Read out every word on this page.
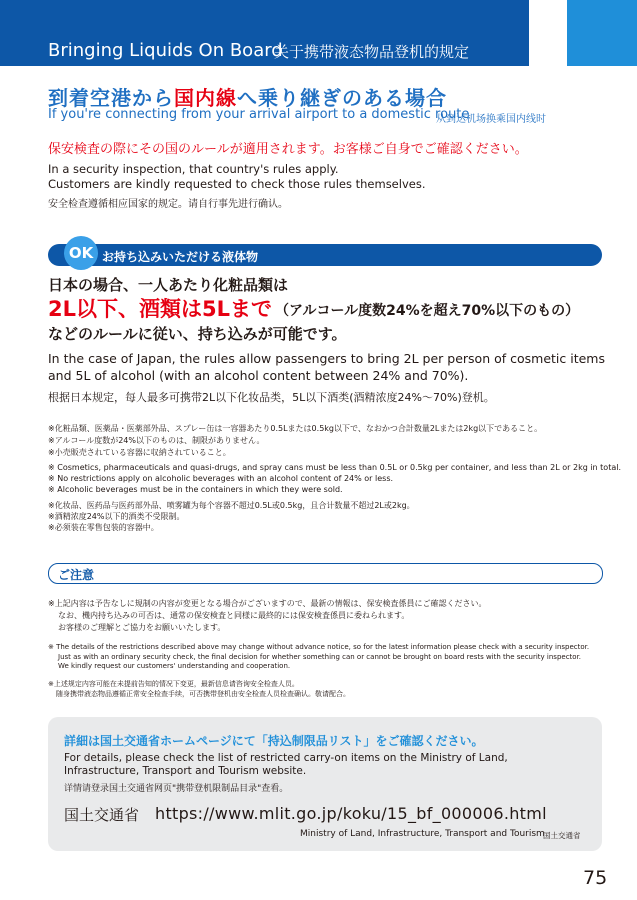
Bringing Liquids On Board
关于携带液态物品登机的规定
到着空港から国内線へ乗り継ぎのある場合
If you're connecting from your arrival airport to a domestic route
从到达机场换乘国内线时
保安検査の際にその国のルールが適用されます。お客様ご自身でご確認ください。
In a security inspection, that country's rules apply.
Customers are kindly requested to check those rules themselves.
安全检查遵循相应国家的规定。请自行事先进行确认。
OK お持ち込みいただける液体物
日本の場合、一人あたり化粧品類は
2L以下、酒類は5Lまで （アルコール度数24%を超え70%以下のもの）
などのルールに従い、持ち込みが可能です。
In the case of Japan, the rules allow passengers to bring 2L per person of cosmetic items and 5L of alcohol (with an alcohol content between 24% and 70%).
根据日本规定，每人最多可携带2L以下化妆品类，5L以下酒类(酒精浓度24%～70%)登机。
※化粧品類、医薬品・医薬部外品、スプレー缶は一容器あたり0.5Lまたは0.5kg以下で、なおかつ合計数量2Lまたは2kg以下であること。
※アルコール度数が24%以下のものは、制限がありません。
※小売販売されている容器に収納されていること。
※ Cosmetics, pharmaceuticals and quasi-drugs, and spray cans must be less than 0.5L or 0.5kg per container, and less than 2L or 2kg in total.
※ No restrictions apply on alcoholic beverages with an alcohol content of 24% or less.
※ Alcoholic beverages must be in the containers in which they were sold.
※化妆品、医药品与医药部外品、喷雾罐为每个容器不超过0.5L或0.5kg，且合计数量不超过2L或2kg。
※酒精浓度24%以下的酒类不受限制。
※必须装在零售包装的容器中。
ご注意
※上記内容は予告なしに規制の内容が変更となる場合がございますので、最新の情報は、保安検査係員にご確認ください。
なお、機内持ち込みの可否は、通常の保安検査と同様に最終的には保安検査係員に委ねられます。
お客様のご理解とご協力をお願いいたします。
※ The details of the restrictions described above may change without advance notice, so for the latest information please check with a security inspector.
Just as with an ordinary security check, the final decision for whether something can or cannot be brought on board rests with the security inspector.
We kindly request our customers' understanding and cooperation.
※上述规定内容可能在未提前告知的情况下变更，最新信息请咨询安全检查人员。
随身携带液态物品遵循正常安全检查手续，可否携带登机由安全检查人员检查确认。敬请配合。
詳細は国土交通省ホームページにて「持込制限品リスト」をご確認ください。
For details, please check the list of restricted carry-on items on the Ministry of Land,
Infrastructure, Transport and Tourism website.
详情请登录国土交通省网页"携带登机限制品目录"查看。
国土交通省 https://www.mlit.go.jp/koku/15_bf_000006.html
Ministry of Land, Infrastructure, Transport and Tourism
国土交通省
75
